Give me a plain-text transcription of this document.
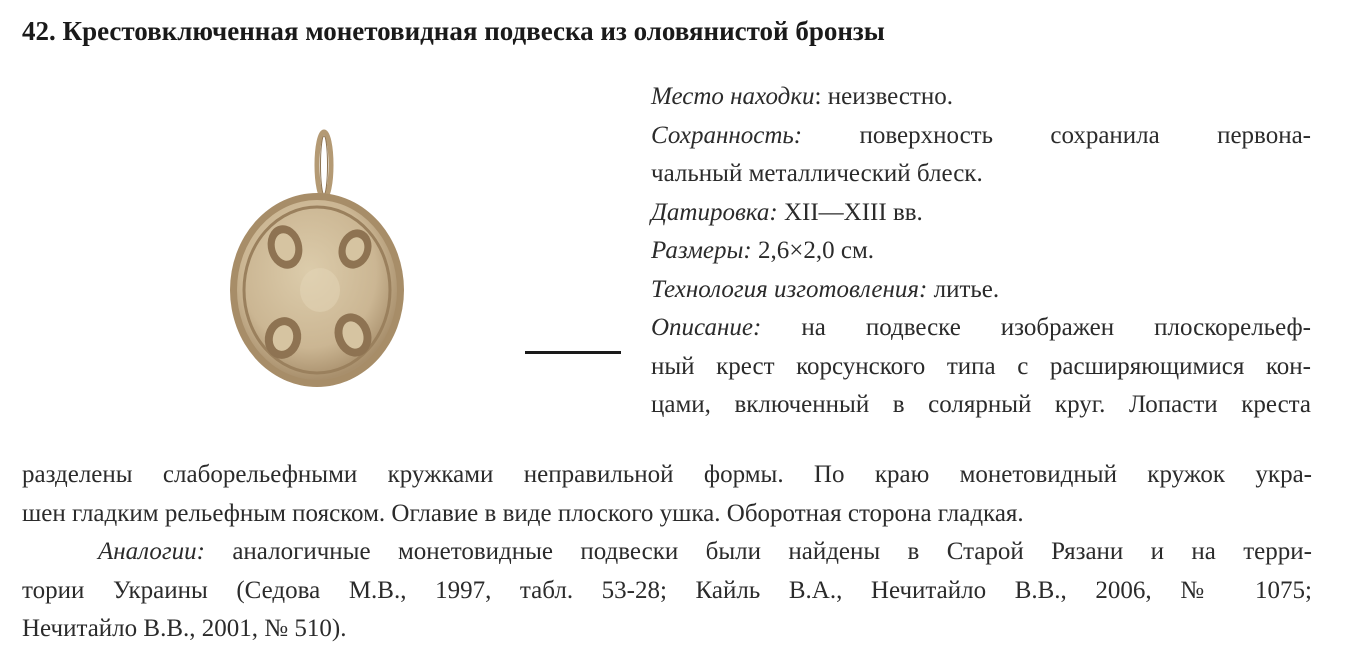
42. Крестовключенная монетовидная подвеска из оловянистой бронзы

Место находки: неизвестно.

Сохранность: поверхность сохранила первона-

чальный металлический блеск.

Датировка: XII—XIII вв.

Размеры: 2,6×2,0 см.

Технология изготовления: литье.

Описание: на подвеске изображен плоскорельеф-

ный крест корсунского типа с расширяющимися кон-

цами, включенный в солярный круг. Лопасти креста

разделены слаборельефными кружками неправильной формы. По краю монетовидный кружок укра-

шен гладким рельефным пояском. Оглавие в виде плоского ушка. Оборотная сторона гладкая.

Аналогии: аналогичные монетовидные подвески были найдены в Старой Рязани и на терри-

тории Украины (Седова М.В., 1997, табл. 53-28; Кайль В.А., Нечитайло В.В., 2006, № 1075;

Нечитайло В.В., 2001, № 510).
